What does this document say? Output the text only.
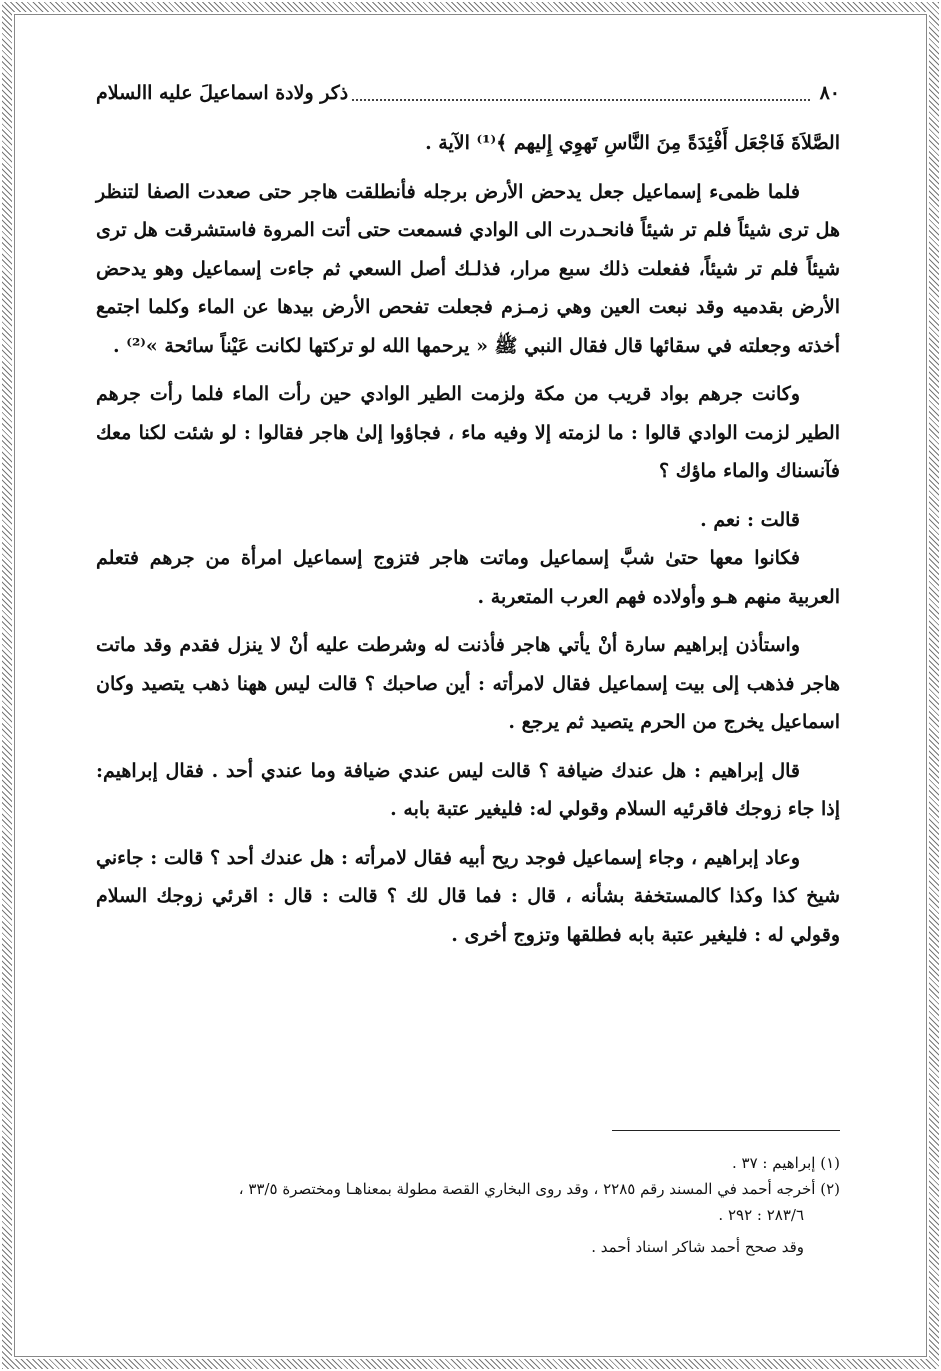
٨٠
ذكر ولادة اسماعيلَ عليه االسلام

الصَّلاَةَ فَاجْعَل أَفْئِدَةً مِنَ النَّاسِ تَهوِي إِليهم ﴾⁽¹⁾ الآية .

فلما ظمىء إسماعيل جعل يدحض الأرض برجله فأنطلقت هاجر حتى صعدت الصفا لتنظر هل ترى شيئاً فلم تر شيئاً فانحـدرت الى الوادي فسمعت حتى أتت المروة فاستشرقت هل ترى شيئاً فلم تر شيئاً، ففعلت ذلك سبع مرار، فذلـك أصل السعي ثم جاءت إسماعيل وهو يدحض الأرض بقدميه وقد نبعت العين وهي زمـزم فجعلت تفحص الأرض بيدها عن الماء وكلما اجتمع أخذته وجعلته في سقائها قال فقال النبي ﷺ « يرحمها الله لو تركتها لكانت عَيْناً سائحة »⁽²⁾ .

وكانت جرهم بواد قريب من مكة ولزمت الطير الوادي حين رأت الماء فلما رأت جرهم الطير لزمت الوادي قالوا : ما لزمته إلا وفيه ماء ، فجاؤوا إلىٰ هاجر فقالوا : لو شئت لكنا معك فآنسناك والماء ماؤك ؟

قالت : نعم .

فكانوا معها حتىٰ شبَّ إسماعيل وماتت هاجر فتزوج إسماعيل امرأة من جرهم فتعلم العربية منهم هـو وأولاده فهم العرب المتعربة .

واستأذن إبراهيم سارة أنْ يأتي هاجر فأذنت له وشرطت عليه أنْ لا ينزل فقدم وقد ماتت هاجر فذهب إلى بيت إسماعيل فقال لامرأته : أين صاحبك ؟ قالت ليس ههنا ذهب يتصيد وكان اسماعيل يخرج من الحرم يتصيد ثم يرجع .

قال إبراهيم : هل عندك ضيافة ؟ قالت ليس عندي ضيافة وما عندي أحد . فقال إبراهيم: إذا جاء زوجك فاقرئيه السلام وقولي له: فليغير عتبة بابه .

وعاد إبراهيم ، وجاء إسماعيل فوجد ريح أبيه فقال لامرأته : هل عندك أحد ؟ قالت : جاءني شيخ كذا وكذا كالمستخفة بشأنه ، قال : فما قال لك ؟ قالت : قال : اقرئي زوجك السلام وقولي له : فليغير عتبة بابه فطلقها وتزوج أخرى .

(١) إبراهيم : ٣٧ .
(٢) أخرجه أحمد في المسند رقم ٢٢٨٥ ، وقد روى البخاري القصة مطولة بمعناهـا ومختصرة ٣٣/٥ ،
٢٨٣/٦ : ٢٩٢ .
وقد صحح أحمد شاكر اسناد أحمد .
